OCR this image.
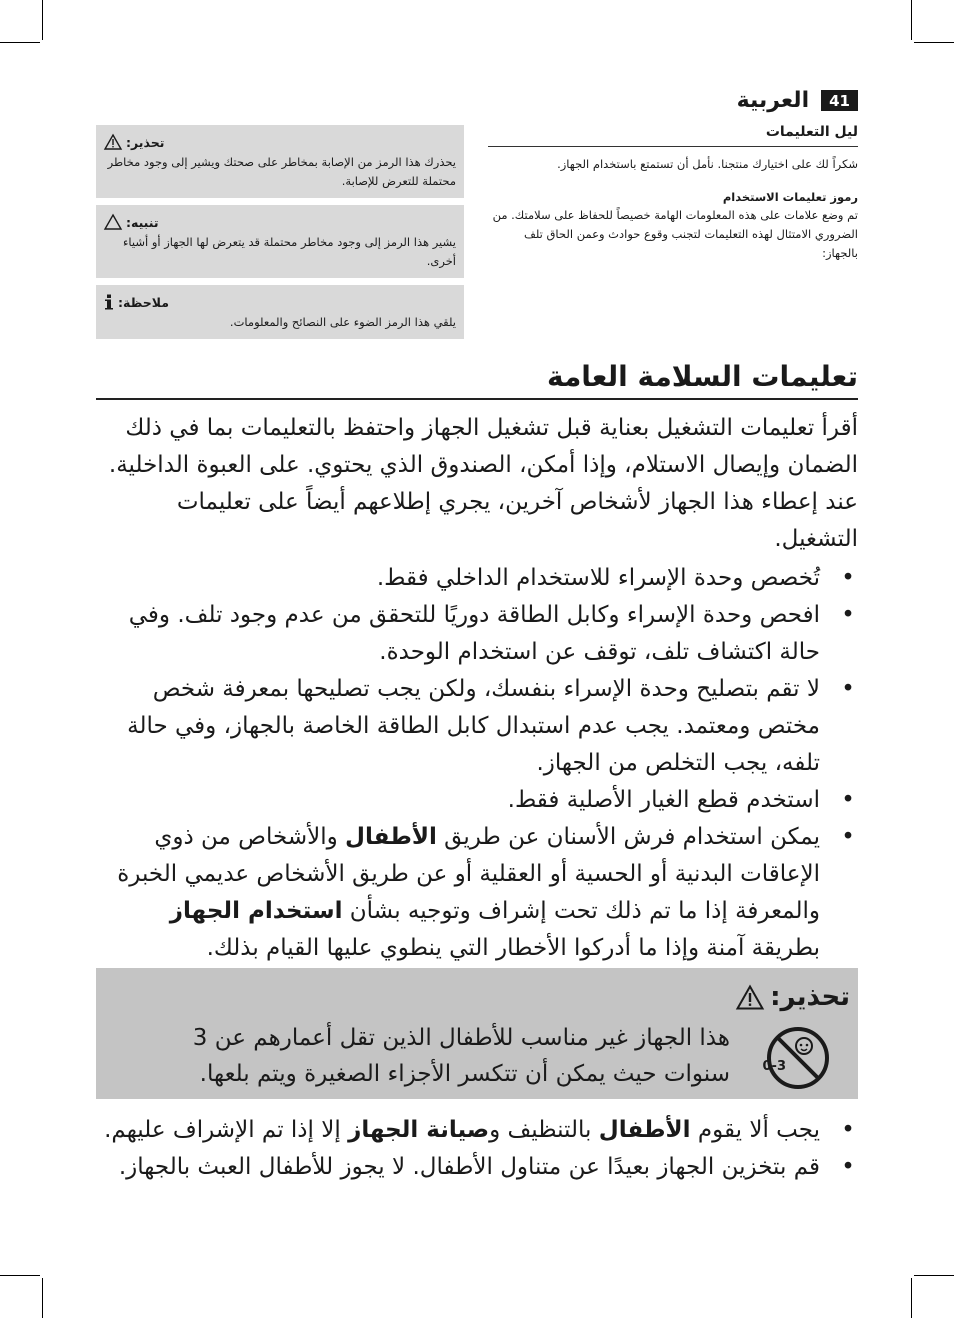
41
العربية
ليل التعليمات

شكراً لك على اختيارك منتجنا. نأمل أن تستمتع باستخدام الجهاز.

رموز تعليمات الاستخدام

تم وضع علامات على هذه المعلومات الهامة خصيصاً للحفاظ على سلامتك. من الضروري الامتثال لهذه التعليمات لتجنب وقوع حوادث وعمن الحاق تلف بالجهاز:

تحذير:

يحذرك هذا الرمز من الإصابة بمخاطر على صحتك ويشير إلى وجود مخاطر محتملة للتعرض للإصابة.

تنبيه:

يشير هذا الرمز إلى وجود مخاطر محتملة قد يتعرض لها الجهاز أو أشياء أخرى.

ملاحظة:

يلقي هذا الرمز الضوء على النصائح والمعلومات.

تعليمات السلامة العامة

أقرأ تعليمات التشغيل بعناية قبل تشغيل الجهاز واحتفظ بالتعليمات بما في ذلك الضمان وإيصال الاستلام، وإذا أمكن، الصندوق الذي يحتوي. على العبوة الداخلية. عند إعطاء هذا الجهاز لأشخاص آخرين، يجري إطلاعهم أيضاً على تعليمات التشغيل.

•
تُخصص وحدة الإسراء للاستخدام الداخلي فقط.
•
افحص وحدة الإسراء وكابل الطاقة دوريًا للتحقق من عدم وجود تلف. وفي حالة اكتشاف تلف، توقف عن استخدام الوحدة.
•
لا تقم بتصليح وحدة الإسراء بنفسك، ولكن يجب تصليحها بمعرفة شخص مختص ومعتمد. يجب عدم استبدال كابل الطاقة الخاصة بالجهاز، وفي حالة تلفه، يجب التخلص من الجهاز.
•
استخدم قطع الغيار الأصلية فقط.
•
يمكن استخدام فرش الأسنان عن طريق الأطفال والأشخاص من ذوي الإعاقات البدنية أو الحسية أو العقلية أو عن طريق الأشخاص عديمي الخبرة والمعرفة إذا ما تم ذلك تحت إشراف وتوجيه بشأن استخدام الجهاز بطريقة آمنة وإذا ما أدركوا الأخطار التي ينطوي عليها القيام بذلك.
تحذير:
0-3

هذا الجهاز غير مناسب للأطفال الذين تقل أعمارهم عن 3 سنوات حيث يمكن أن تتكسر الأجزاء الصغيرة ويتم بلعها.

•
يجب ألا يقوم الأطفال بالتنظيف وصيانة الجهاز إلا إذا تم الإشراف عليهم.
•
قم بتخزين الجهاز بعيدًا عن متناول الأطفال. لا يجوز للأطفال العبث بالجهاز.
